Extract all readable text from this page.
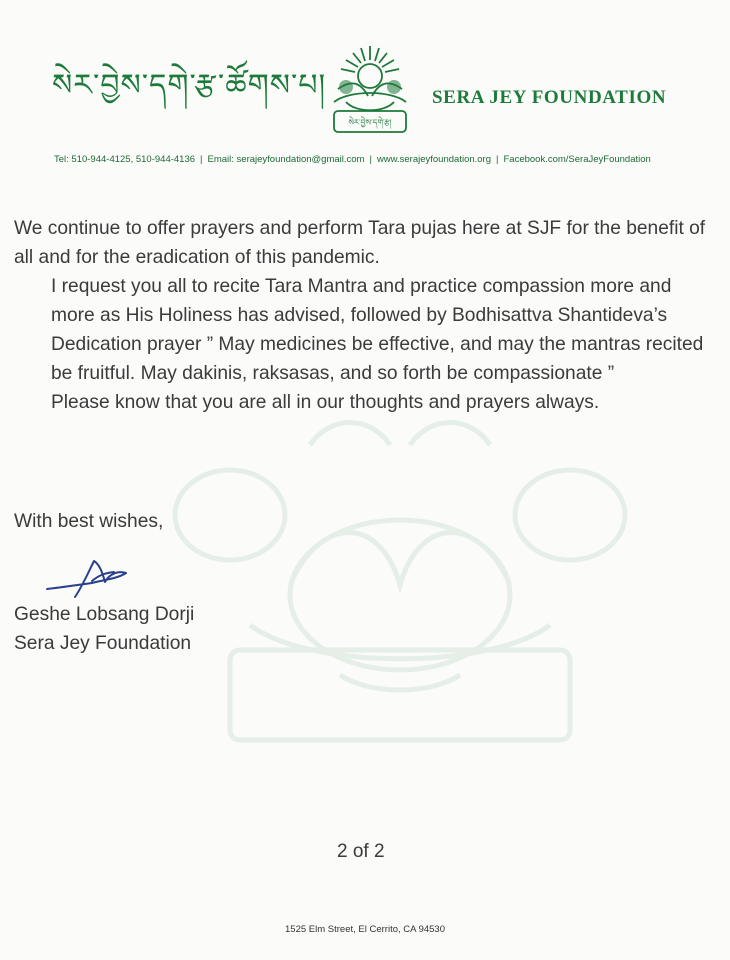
སེར་བྱེས་དགེ་རྩ་ཚོགས་པ།
སེར་བྱེས་དགེ་རྩ།
SERA JEY FOUNDATION
Tel: 510-944-4125, 510-944-4136 | Email: serajeyfoundation@gmail.com | www.serajeyfoundation.org | Facebook.com/SeraJeyFoundation

We continue to offer prayers and perform Tara pujas here at SJF for the benefit of all and for the eradication of this pandemic.

I request you all to recite Tara Mantra and practice compassion more and more as His Holiness has advised, followed by Bodhisattva Shantideva’s Dedication prayer ” May medicines be effective, and may the mantras recited be fruitful. May dakinis, raksasas, and so forth be compassionate ”

Please know that you are all in our thoughts and prayers always.

With best wishes,
Geshe Lobsang Dorji
Sera Jey Foundation
2 of 2
1525 Elm Street, El Cerrito, CA 94530
